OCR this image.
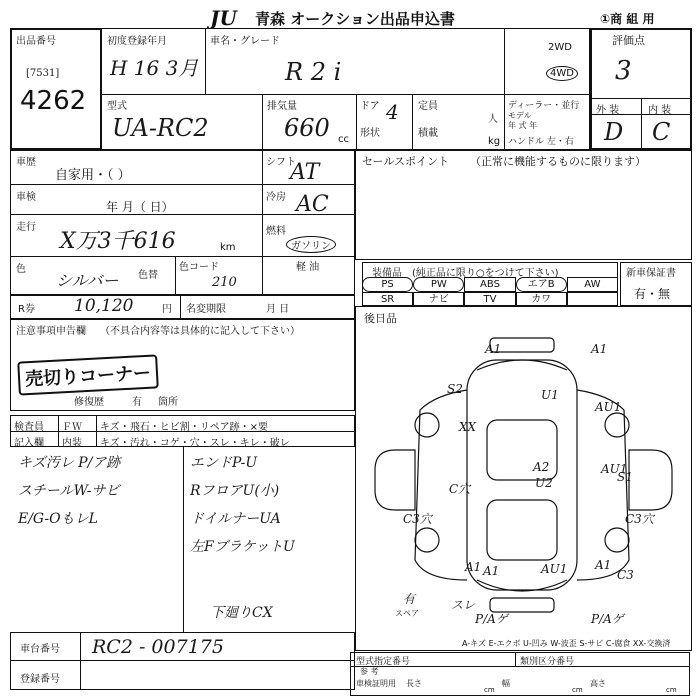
JU 青森 オークション出品申込書	①商 組 用
出品番号
[7531]
4262
初度登録年月
H 16 3月
車名・グレード
R 2 i
型式
UA-RC2
排気量
660 cc
ドア 4
形状
定員
人
積載
kg
2WD
4WD
ディーラー・並行
モデル
年 式 年
ハンドル 左・右
評価点
3
外 装	内 装
D C
車歴
自家用・（ ）
車検
年 月（ 日）
走行
X万3千616	km
色
シルバー 色替
色コード
210
シフト
AT
冷房 AC
燃料
ガソリン
軽 油
セールスポイント （正常に機能するものに限ります）
装備品 (純正品に限り○をつけて下さい)
PS	PW	ABS	エアB	AW
SR	ナビ	TV	カワ
新車保証書
有・無
R券 10,120	円 名変期限	月 日
後日品
注意事項申告欄 （不具合内容等は具体的に記入して下さい）
売切りコーナー
修復歴	有 箇所
検査員 ＦＷ キズ・飛石・ヒビ割・リペア跡・×要
記入欄 内装 キズ・汚れ・コゲ・穴・スレ・キレ・破レ
キズ汚レ P/ア跡
スチールW-サビ
E/G-OもレL
エンドP-U
RフロアU(小)
ドイルナーUA
左FブラケットU
下廻りCX
A1	A1
U1
S2
AU1
XX
A2
U2
C穴
AU1
S1
C3穴
C3穴
A1 A1	AU1 A1
C3
有	スレ
P/Aゲ	P/Aゲ
スペア
A-キズ E-エクボ U-凹み W-波歪 S-サビ C-腐食 XX-交換済
車台番号 RC2 - 007175
登録番号
型式指定番号	類別区分番号
参 考
車検証明用 長さ
cm
幅
cm
高さ
cm
